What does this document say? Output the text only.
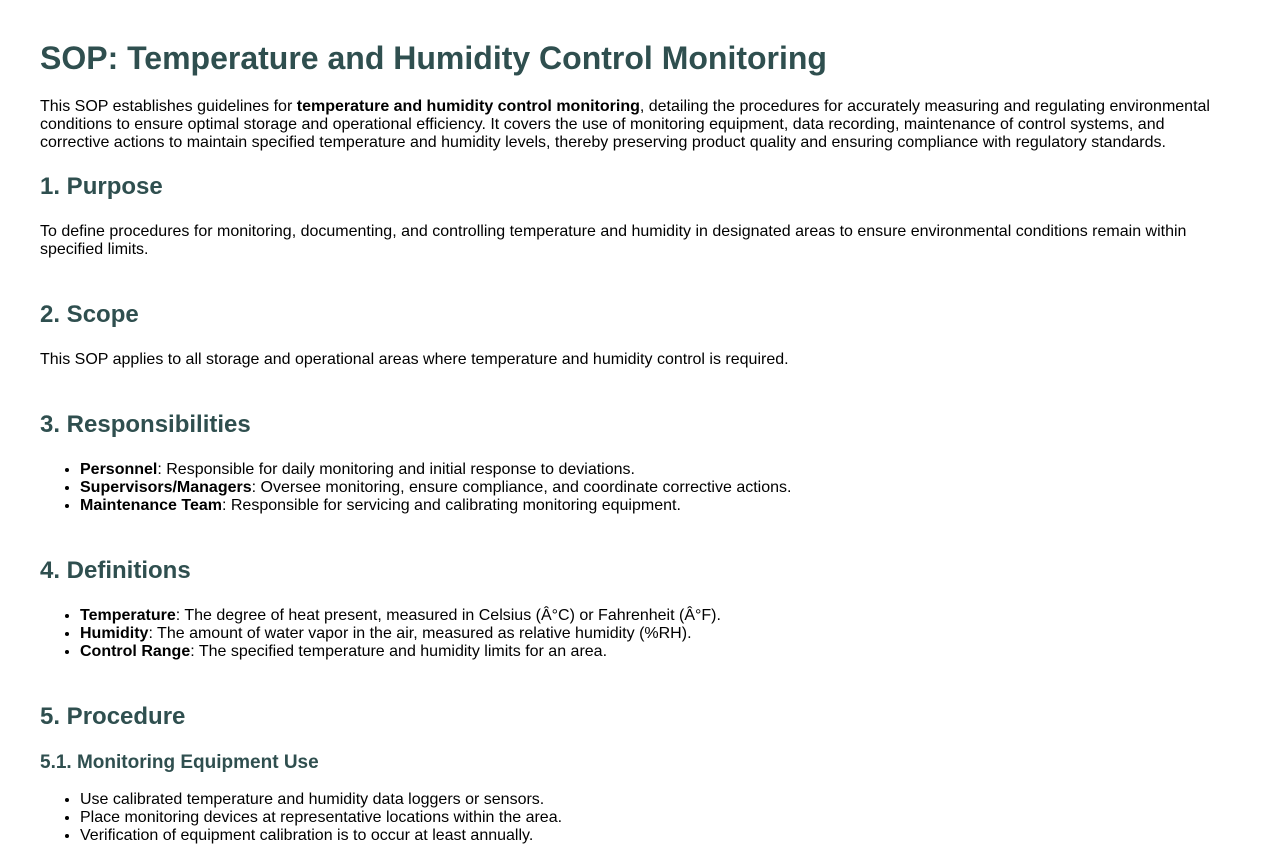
SOP: Temperature and Humidity Control Monitoring

This SOP establishes guidelines for temperature and humidity control monitoring, detailing the procedures for accurately measuring and regulating environmental conditions to ensure optimal storage and operational efficiency. It covers the use of monitoring equipment, data recording, maintenance of control systems, and corrective actions to maintain specified temperature and humidity levels, thereby preserving product quality and ensuring compliance with regulatory standards.

1. Purpose

To define procedures for monitoring, documenting, and controlling temperature and humidity in designated areas to ensure environmental conditions remain within specified limits.

2. Scope

This SOP applies to all storage and operational areas where temperature and humidity control is required.

3. Responsibilities
• Personnel: Responsible for daily monitoring and initial response to deviations.
• Supervisors/Managers: Oversee monitoring, ensure compliance, and coordinate corrective actions.
• Maintenance Team: Responsible for servicing and calibrating monitoring equipment.
4. Definitions
• Temperature: The degree of heat present, measured in Celsius (Â°C) or Fahrenheit (Â°F).
• Humidity: The amount of water vapor in the air, measured as relative humidity (%RH).
• Control Range: The specified temperature and humidity limits for an area.
5. Procedure
5.1. Monitoring Equipment Use
• Use calibrated temperature and humidity data loggers or sensors.
• Place monitoring devices at representative locations within the area.
• Verification of equipment calibration is to occur at least annually.
